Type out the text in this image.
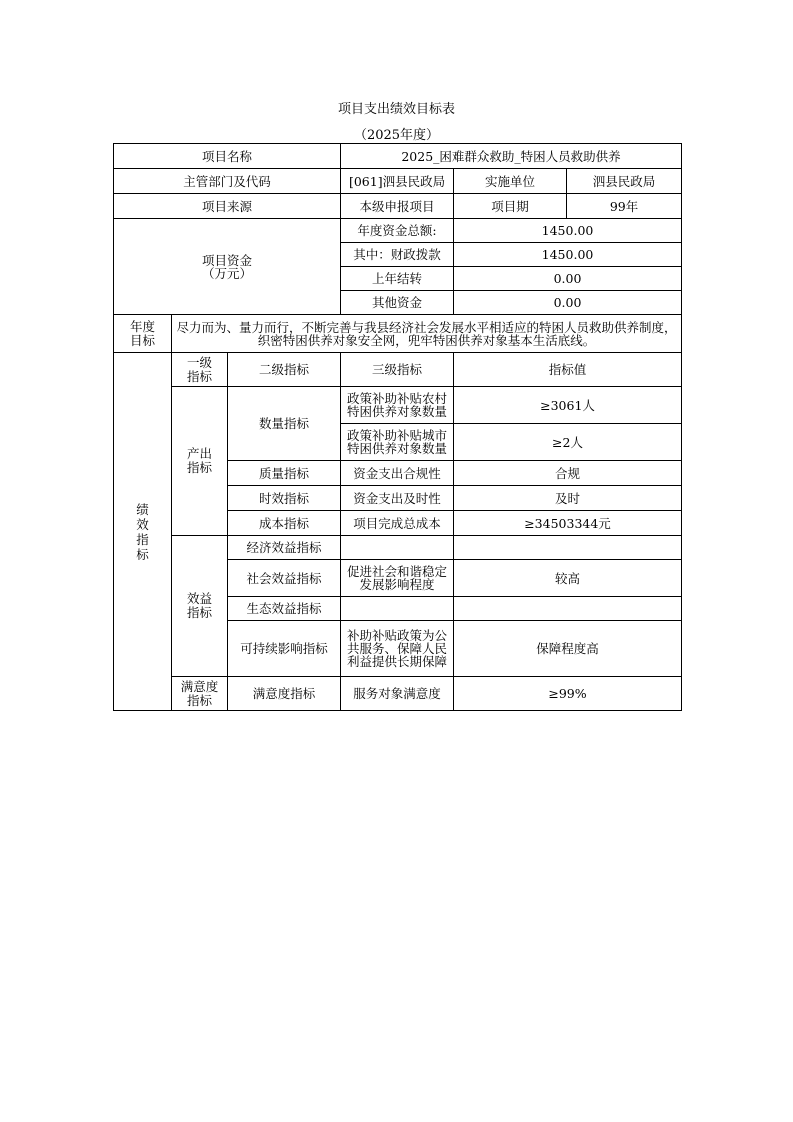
项目支出绩效目标表
（2025年度）
项目名称			2025_困难群众救助_特困人员救助供养		
主管部门及代码			[061]泗县民政局	实施单位	泗县民政局
项目来源			本级申报项目	项目期	99年
项目资金
（万元）			年度资金总额:	1450.00	
			其中：财政拨款	1450.00	
			上年结转	0.00	
			其他资金	0.00	
年度目标	尽力而为、量力而行，不断完善与我县经济社会发展水平相适应的特困人员救助供养制度，织密特困供养对象安全网，兜牢特困供养对象基本生活底线。				
绩效指标	一级指标	二级指标	三级指标	指标值	
	产出指标	数量指标	政策补助补贴农村特困供养对象数量	≥3061人	
			政策补助补贴城市特困供养对象数量	≥2人	
		质量指标	资金支出合规性	合规	
		时效指标	资金支出及时性	及时	
		成本指标	项目完成总成本	≥34503344元	
	效益指标	经济效益指标			
		社会效益指标	促进社会和谐稳定发展影响程度	较高	
		生态效益指标			
		可持续影响指标	补助补贴政策为公共服务、保障人民利益提供长期保障	保障程度高	
	满意度指标	满意度指标	服务对象满意度	≥99%	
